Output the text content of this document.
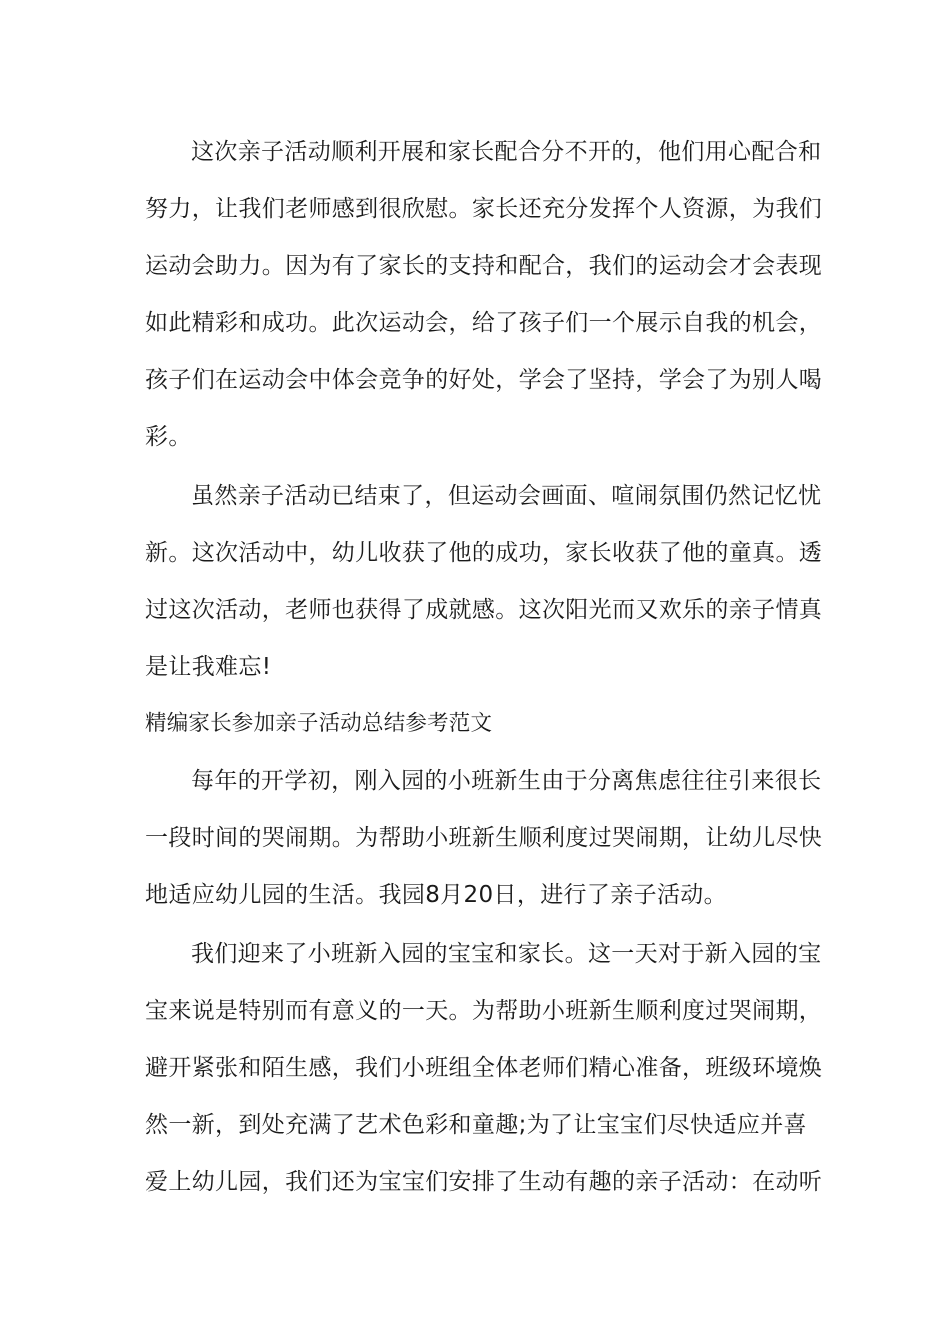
这次亲子活动顺利开展和家长配合分不开的，他们用心配合和
努力，让我们老师感到很欣慰。家长还充分发挥个人资源，为我们
运动会助力。因为有了家长的支持和配合，我们的运动会才会表现
如此精彩和成功。此次运动会，给了孩子们一个展示自我的机会，
孩子们在运动会中体会竞争的好处，学会了坚持，学会了为别人喝
彩。
虽然亲子活动已结束了，但运动会画面、喧闹氛围仍然记忆忧
新。这次活动中，幼儿收获了他的成功，家长收获了他的童真。透
过这次活动，老师也获得了成就感。这次阳光而又欢乐的亲子情真
是让我难忘!
精编家长参加亲子活动总结参考范文
每年的开学初，刚入园的小班新生由于分离焦虑往往引来很长
一段时间的哭闹期。为帮助小班新生顺利度过哭闹期，让幼儿尽快
地适应幼儿园的生活。我园8月20日，进行了亲子活动。
我们迎来了小班新入园的宝宝和家长。这一天对于新入园的宝
宝来说是特别而有意义的一天。为帮助小班新生顺利度过哭闹期，
避开紧张和陌生感，我们小班组全体老师们精心准备，班级环境焕
然一新，到处充满了艺术色彩和童趣;为了让宝宝们尽快适应并喜
爱上幼儿园，我们还为宝宝们安排了生动有趣的亲子活动：在动听
